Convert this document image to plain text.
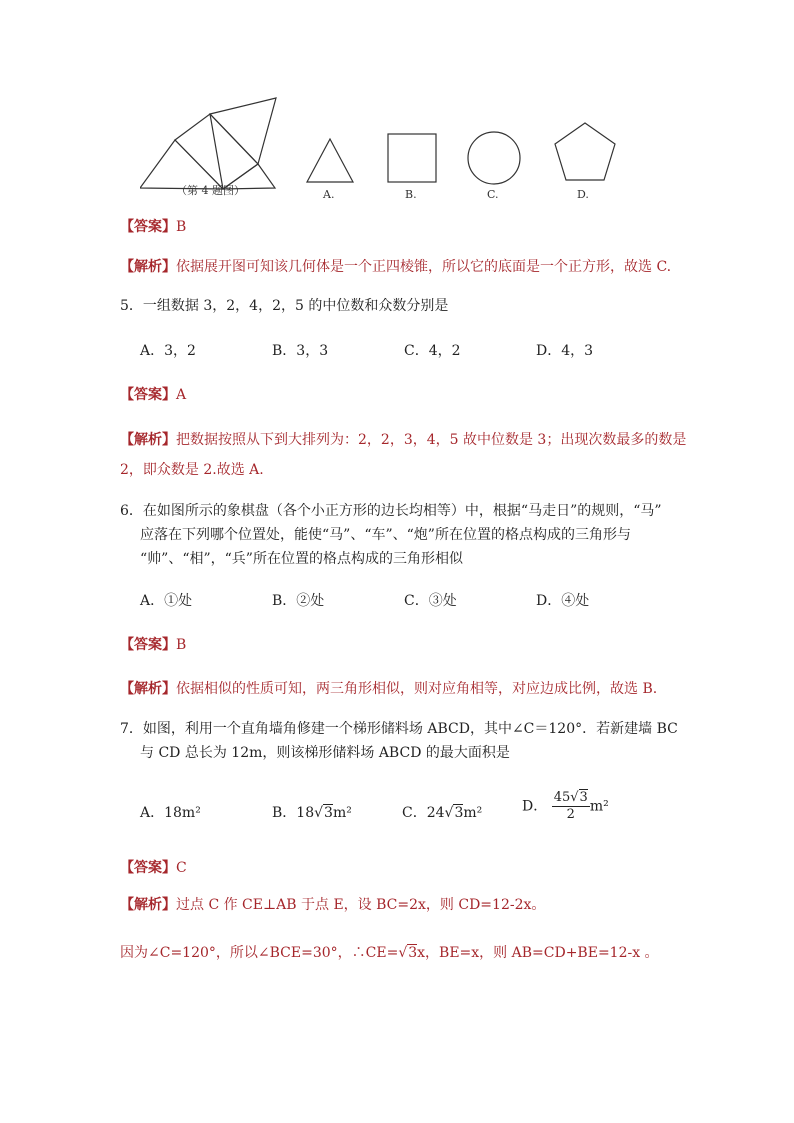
（第 4 题图）	A.	B.	C.	D.
【答案】B
【解析】依据展开图可知该几何体是一个正四棱锥，所以它的底面是一个正方形，故选 C.
5．一组数据 3，2，4，2，5 的中位数和众数分别是
A．3，2	B．3，3	C．4，2	D．4，3
【答案】A
【解析】把数据按照从下到大排列为：2，2，3，4，5 故中位数是 3；出现次数最多的数是
2，即众数是 2.故选 A.
6．在如图所示的象棋盘（各个小正方形的边长均相等）中，根据“马走日”的规则，“马”
应落在下列哪个位置处，能使“马”、“车”、“炮”所在位置的格点构成的三角形与
“帅”、“相”，“兵”所在位置的格点构成的三角形相似
A．①处	B．②处	C．③处	D．④处
【答案】B
【解析】依据相似的性质可知，两三角形相似，则对应角相等，对应边成比例，故选 B.
7．如图，利用一个直角墙角修建一个梯形储料场 ABCD，其中∠C＝120°．若新建墙 BC
与 CD 总长为 12m，则该梯形储料场 ABCD 的最大面积是
A．18m²	B．18√3m²	C．24√3m²	D． $\frac{45√3}{2} m^2$
【答案】C
【解析】过点 C 作 CE⊥AB 于点 E，设 BC=2x，则 CD=12-2x。
因为∠C=120°，所以∠BCE=30°，∴CE=√3x，BE=x，则 AB=CD+BE=12-x 。
